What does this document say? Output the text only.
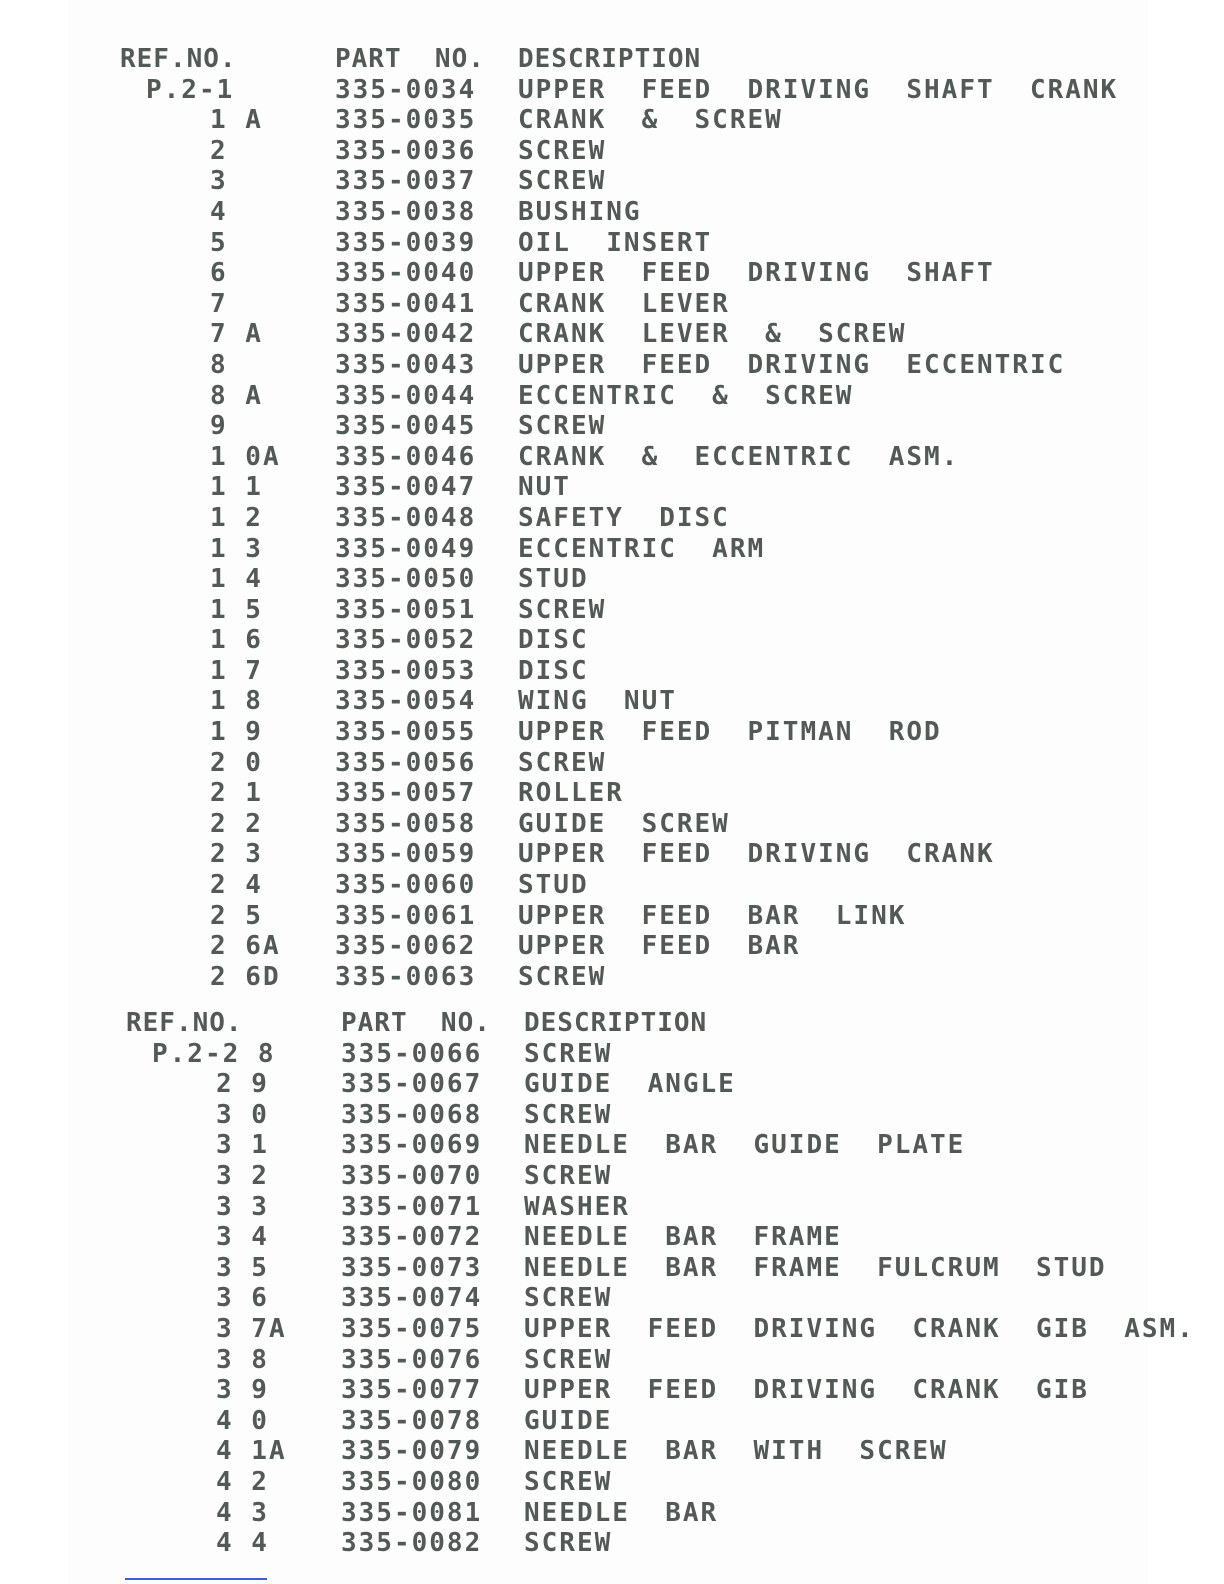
REF.NO.	PART  NO. DESCRIPTION
P.2-1	335-0034 UPPER  FEED  DRIVING  SHAFT  CRANK
1 A	335-0035 CRANK  &  SCREW
2	335-0036 SCREW
3	335-0037 SCREW
4	335-0038 BUSHING
5	335-0039 OIL  INSERT
6	335-0040 UPPER  FEED  DRIVING  SHAFT
7	335-0041 CRANK  LEVER
7 A	335-0042 CRANK  LEVER  &  SCREW
8	335-0043 UPPER  FEED  DRIVING  ECCENTRIC
8 A	335-0044 ECCENTRIC  &  SCREW
9	335-0045 SCREW
1 0A	335-0046 CRANK  &  ECCENTRIC  ASM.
1 1	335-0047 NUT
1 2	335-0048 SAFETY  DISC
1 3	335-0049 ECCENTRIC  ARM
1 4	335-0050 STUD
1 5	335-0051 SCREW
1 6	335-0052 DISC
1 7	335-0053 DISC
1 8	335-0054 WING  NUT
1 9	335-0055 UPPER  FEED  PITMAN  ROD
2 0	335-0056 SCREW
2 1	335-0057 ROLLER
2 2	335-0058 GUIDE  SCREW
2 3	335-0059 UPPER  FEED  DRIVING  CRANK
2 4	335-0060 STUD
2 5	335-0061 UPPER  FEED  BAR  LINK
2 6A	335-0062 UPPER  FEED  BAR
2 6D	335-0063 SCREW
REF.NO.	PART  NO. DESCRIPTION
P.2-2 8	335-0066 SCREW
2 9	335-0067 GUIDE  ANGLE
3 0	335-0068 SCREW
3 1	335-0069 NEEDLE  BAR  GUIDE  PLATE
3 2	335-0070 SCREW
3 3	335-0071 WASHER
3 4	335-0072 NEEDLE  BAR  FRAME
3 5	335-0073 NEEDLE  BAR  FRAME  FULCRUM  STUD
3 6	335-0074 SCREW
3 7A	335-0075 UPPER  FEED  DRIVING  CRANK  GIB  ASM.
3 8	335-0076 SCREW
3 9	335-0077 UPPER  FEED  DRIVING  CRANK  GIB
4 0	335-0078 GUIDE
4 1A	335-0079 NEEDLE  BAR  WITH  SCREW
4 2	335-0080 SCREW
4 3	335-0081 NEEDLE  BAR
4 4	335-0082 SCREW
